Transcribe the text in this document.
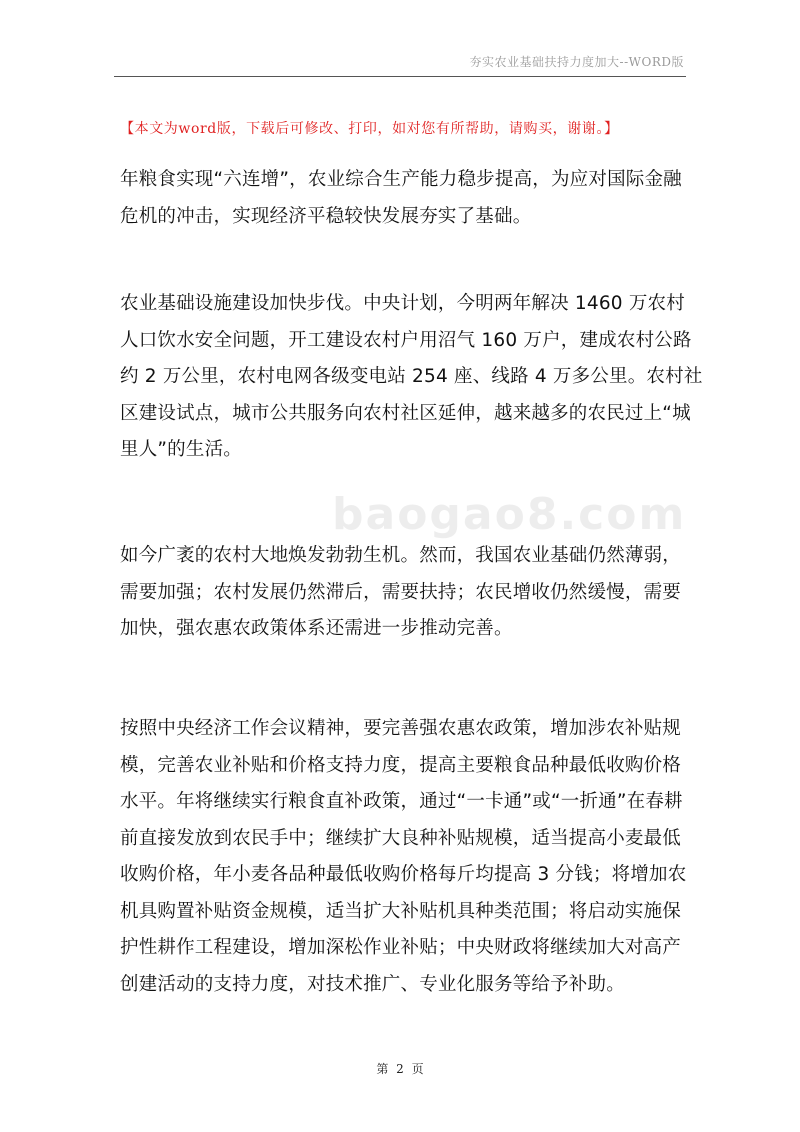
夯实农业基础扶持力度加大--WORD版
【本文为word版，下载后可修改、打印，如对您有所帮助，请购买，谢谢。】
baogao8.com
年粮食实现“六连增”，农业综合生产能力稳步提高，为应对国际金融
危机的冲击，实现经济平稳较快发展夯实了基础。
农业基础设施建设加快步伐。中央计划，今明两年解决 1460 万农村
人口饮水安全问题，开工建设农村户用沼气 160 万户，建成农村公路
约 2 万公里，农村电网各级变电站 254 座、线路 4 万多公里。农村社
区建设试点，城市公共服务向农村社区延伸，越来越多的农民过上“城
里人”的生活。
如今广袤的农村大地焕发勃勃生机。然而，我国农业基础仍然薄弱，
需要加强；农村发展仍然滞后，需要扶持；农民增收仍然缓慢，需要
加快，强农惠农政策体系还需进一步推动完善。
按照中央经济工作会议精神，要完善强农惠农政策，增加涉农补贴规
模，完善农业补贴和价格支持力度，提高主要粮食品种最低收购价格
水平。年将继续实行粮食直补政策，通过“一卡通”或“一折通”在春耕
前直接发放到农民手中；继续扩大良种补贴规模，适当提高小麦最低
收购价格，年小麦各品种最低收购价格每斤均提高 3 分钱；将增加农
机具购置补贴资金规模，适当扩大补贴机具种类范围；将启动实施保
护性耕作工程建设，增加深松作业补贴；中央财政将继续加大对高产
创建活动的支持力度，对技术推广、专业化服务等给予补助。
第 2 页
